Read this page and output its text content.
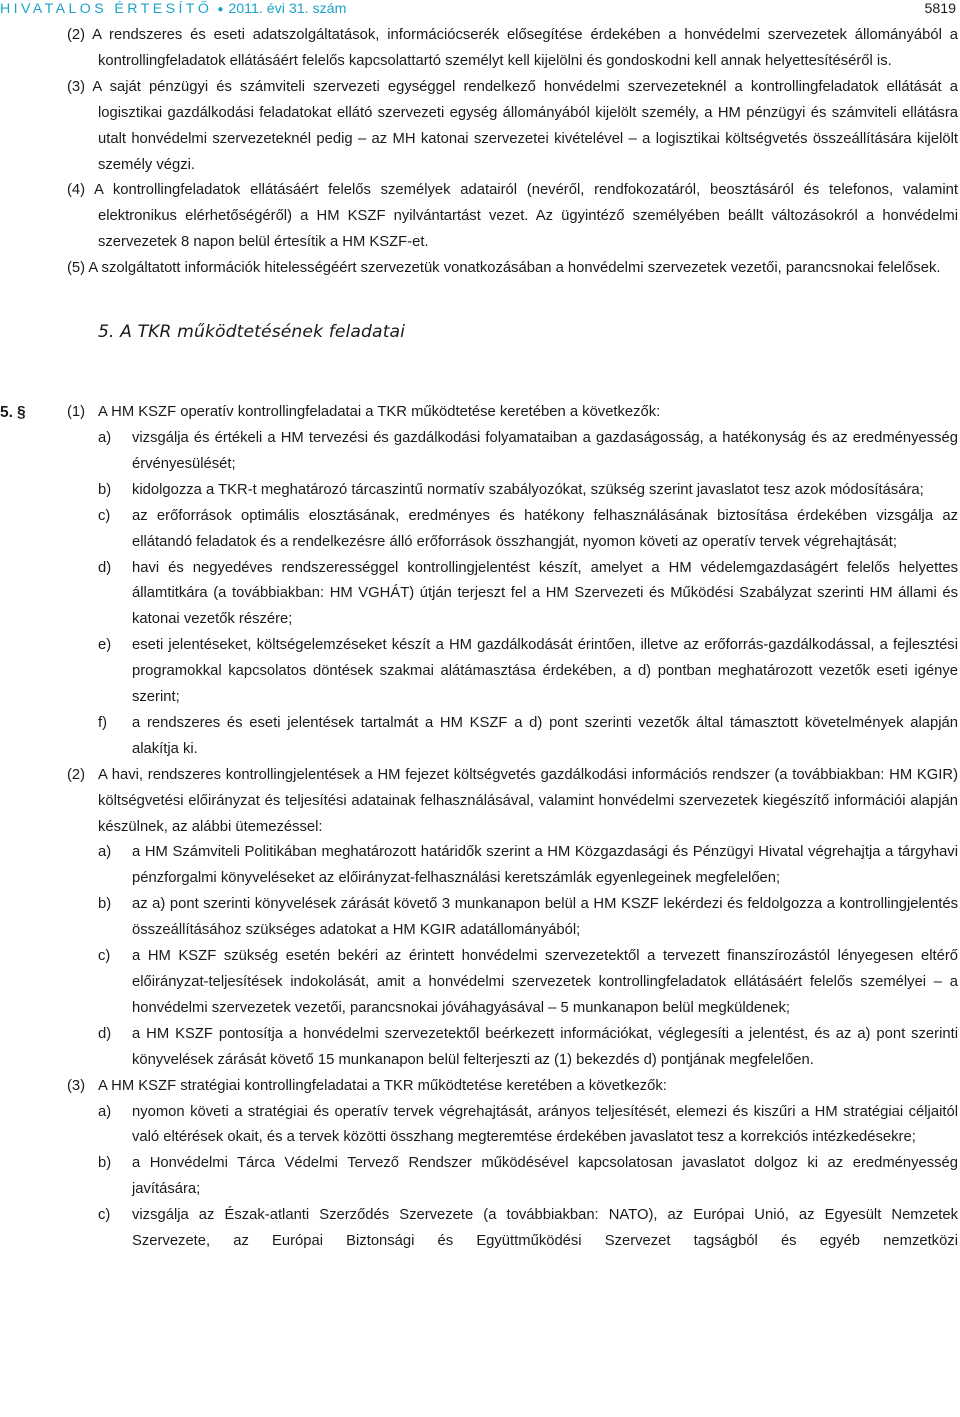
HIVATALOS ÉRTESÍTŐ ● 2011. évi 31. szám	5819

(2) A rendszeres és eseti adatszolgáltatások, információcserék elősegítése érdekében a honvédelmi szervezetek állományából a kontrollingfeladatok ellátásáért felelős kapcsolattartó személyt kell kijelölni és gondoskodni kell annak helyettesítéséről is.

(3) A saját pénzügyi és számviteli szervezeti egységgel rendelkező honvédelmi szervezeteknél a kontrollingfeladatok ellátását a logisztikai gazdálkodási feladatokat ellátó szervezeti egység állományából kijelölt személy, a HM pénzügyi és számviteli ellátásra utalt honvédelmi szervezeteknél pedig – az MH katonai szervezetei kivételével – a logisztikai költségvetés összeállítására kijelölt személy végzi.

(4) A kontrollingfeladatok ellátásáért felelős személyek adatairól (nevéről, rendfokozatáról, beosztásáról és telefonos, valamint elektronikus elérhetőségéről) a HM KSZF nyilvántartást vezet. Az ügyintéző személyében beállt változásokról a honvédelmi szervezetek 8 napon belül értesítik a HM KSZF-et.

(5) A szolgáltatott információk hitelességéért szervezetük vonatkozásában a honvédelmi szervezetek vezetői, parancsnokai felelősek.

5. A TKR működtetésének feladatai
5. §	(1) A HM KSZF operatív kontrollingfeladatai a TKR működtetése keretében a következők:

a) vizsgálja és értékeli a HM tervezési és gazdálkodási folyamataiban a gazdaságosság, a hatékonyság és az eredményesség érvényesülését;

b) kidolgozza a TKR-t meghatározó tárcaszintű normatív szabályozókat, szükség szerint javaslatot tesz azok módosítására;

c) az erőforrások optimális elosztásának, eredményes és hatékony felhasználásának biztosítása érdekében vizsgálja az ellátandó feladatok és a rendelkezésre álló erőforrások összhangját, nyomon követi az operatív tervek végrehajtását;

d) havi és negyedéves rendszerességgel kontrollingjelentést készít, amelyet a HM védelemgazdaságért felelős helyettes államtitkára (a továbbiakban: HM VGHÁT) útján terjeszt fel a HM Szervezeti és Működési Szabályzat szerinti HM állami és katonai vezetők részére;

e) eseti jelentéseket, költségelemzéseket készít a HM gazdálkodását érintően, illetve az erőforrás-gazdálkodással, a fejlesztési programokkal kapcsolatos döntések szakmai alátámasztása érdekében, a d) pontban meghatározott vezetők eseti igénye szerint;

f) a rendszeres és eseti jelentések tartalmát a HM KSZF a d) pont szerinti vezetők által támasztott követelmények alapján alakítja ki.

(2) A havi, rendszeres kontrollingjelentések a HM fejezet költségvetés gazdálkodási információs rendszer (a továbbiakban: HM KGIR) költségvetési előirányzat és teljesítési adatainak felhasználásával, valamint honvédelmi szervezetek kiegészítő információi alapján készülnek, az alábbi ütemezéssel:

a) a HM Számviteli Politikában meghatározott határidők szerint a HM Közgazdasági és Pénzügyi Hivatal végrehajtja a tárgyhavi pénzforgalmi könyveléseket az előirányzat-felhasználási keretszámlák egyenlegeinek megfelelően;

b) az a) pont szerinti könyvelések zárását követő 3 munkanapon belül a HM KSZF lekérdezi és feldolgozza a kontrollingjelentés összeállításához szükséges adatokat a HM KGIR adatállományából;

c) a HM KSZF szükség esetén bekéri az érintett honvédelmi szervezetektől a tervezett finanszírozástól lényegesen eltérő előirányzat-teljesítések indokolását, amit a honvédelmi szervezetek kontrollingfeladatok ellátásáért felelős személyei – a honvédelmi szervezetek vezetői, parancsnokai jóváhagyásával – 5 munkanapon belül megküldenek;

d) a HM KSZF pontosítja a honvédelmi szervezetektől beérkezett információkat, véglegesíti a jelentést, és az a) pont szerinti könyvelések zárását követő 15 munkanapon belül felterjeszti az (1) bekezdés d) pontjának megfelelően.

(3) A HM KSZF stratégiai kontrollingfeladatai a TKR működtetése keretében a következők:

a) nyomon követi a stratégiai és operatív tervek végrehajtását, arányos teljesítését, elemezi és kiszűri a HM stratégiai céljaitól való eltérések okait, és a tervek közötti összhang megteremtése érdekében javaslatot tesz a korrekciós intézkedésekre;

b) a Honvédelmi Tárca Védelmi Tervező Rendszer működésével kapcsolatosan javaslatot dolgoz ki az eredményesség javítására;

c) vizsgálja az Észak-atlanti Szerződés Szervezete (a továbbiakban: NATO), az Európai Unió, az Egyesült Nemzetek Szervezete, az Európai Biztonsági és Együttműködési Szervezet tagságból és egyéb nemzetközi
